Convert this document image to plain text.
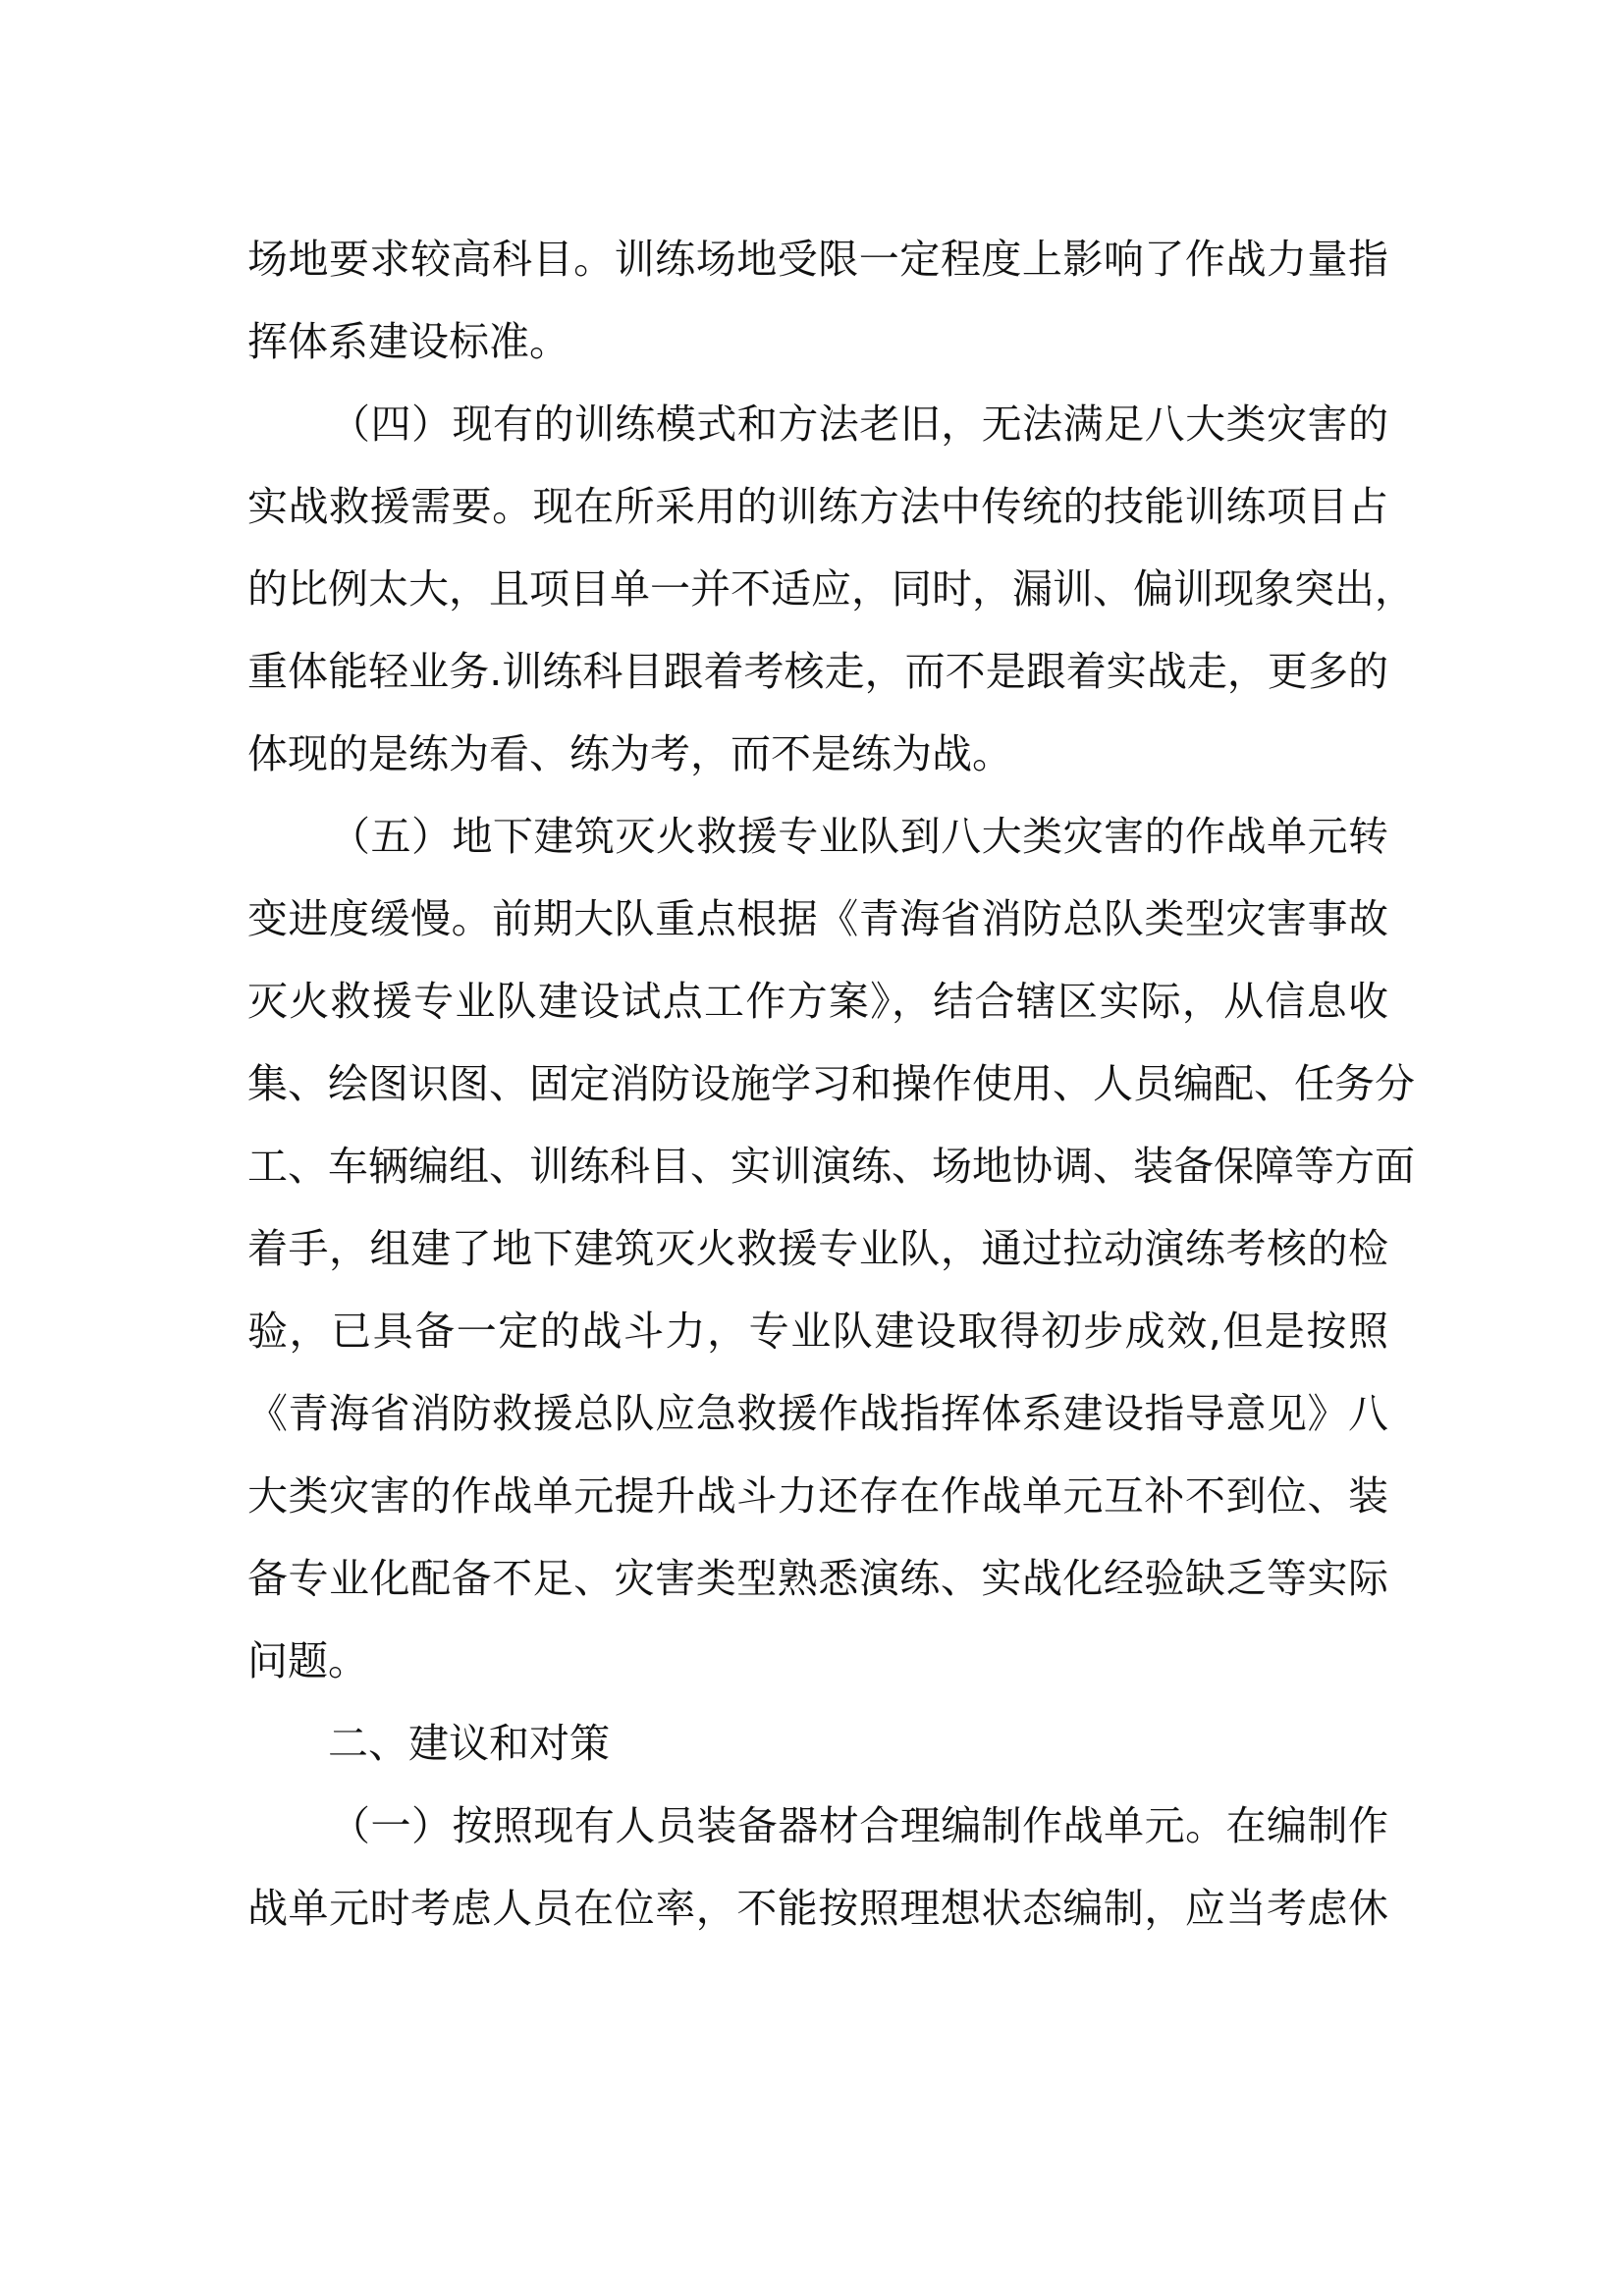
场地要求较高科目。训练场地受限一定程度上影响了作战力量指
挥体系建设标准。
（四）现有的训练模式和方法老旧，无法满足八大类灾害的
实战救援需要。现在所采用的训练方法中传统的技能训练项目占
的比例太大，且项目单一并不适应，同时，漏训、偏训现象突出，
重体能轻业务.训练科目跟着考核走，而不是跟着实战走，更多的
体现的是练为看、练为考，而不是练为战。
（五）地下建筑灭火救援专业队到八大类灾害的作战单元转
变进度缓慢。前期大队重点根据《青海省消防总队类型灾害事故
灭火救援专业队建设试点工作方案》，结合辖区实际，从信息收
集、绘图识图、固定消防设施学习和操作使用、人员编配、任务分
工、车辆编组、训练科目、实训演练、场地协调、装备保障等方面
着手，组建了地下建筑灭火救援专业队，通过拉动演练考核的检
验，已具备一定的战斗力，专业队建设取得初步成效,但是按照
《青海省消防救援总队应急救援作战指挥体系建设指导意见》八
大类灾害的作战单元提升战斗力还存在作战单元互补不到位、装
备专业化配备不足、灾害类型熟悉演练、实战化经验缺乏等实际
问题。
二、建议和对策
（一）按照现有人员装备器材合理编制作战单元。在编制作
战单元时考虑人员在位率，不能按照理想状态编制，应当考虑休
